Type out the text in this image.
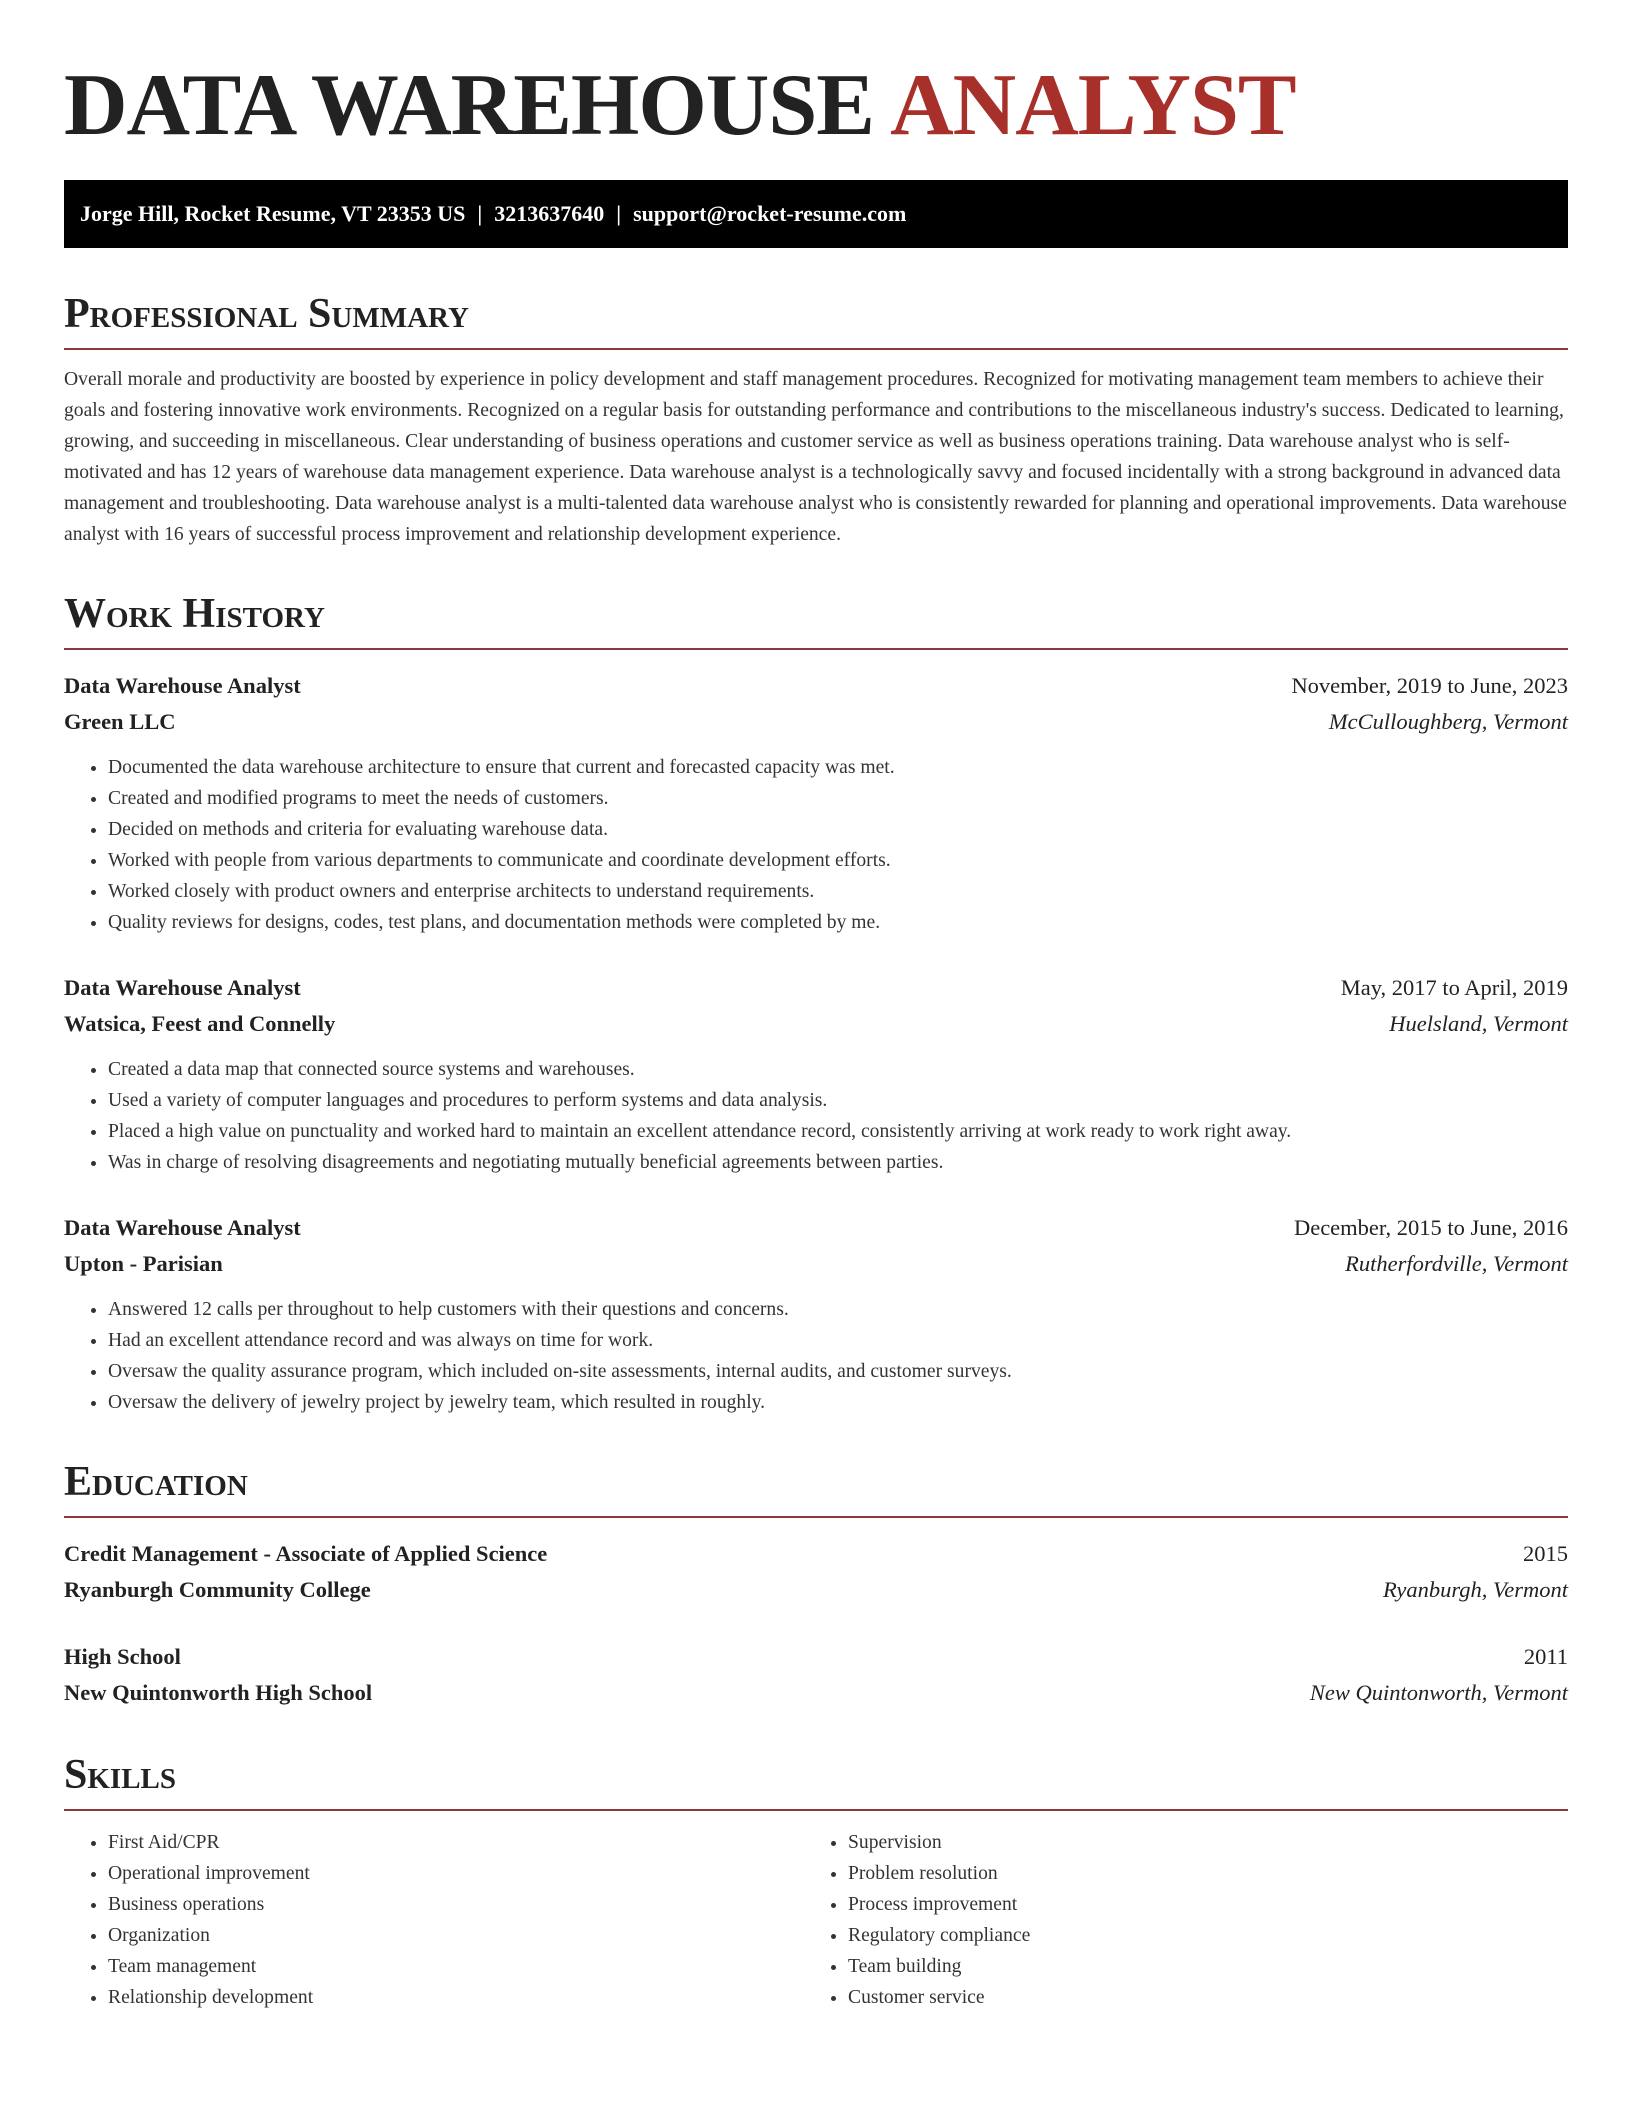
DATA WAREHOUSE ANALYST
Jorge Hill, Rocket Resume, VT 23353 US | 3213637640 | support@rocket-resume.com
Professional Summary
Overall morale and productivity are boosted by experience in policy development and staff management procedures. Recognized for motivating management team members to achieve their goals and fostering innovative work environments. Recognized on a regular basis for outstanding performance and contributions to the miscellaneous industry's success. Dedicated to learning, growing, and succeeding in miscellaneous. Clear understanding of business operations and customer service as well as business operations training. Data warehouse analyst who is self-motivated and has 12 years of warehouse data management experience. Data warehouse analyst is a technologically savvy and focused incidentally with a strong background in advanced data management and troubleshooting. Data warehouse analyst is a multi-talented data warehouse analyst who is consistently rewarded for planning and operational improvements. Data warehouse analyst with 16 years of successful process improvement and relationship development experience.
Work History
Data Warehouse Analyst	November, 2019 to June, 2023
Green LLC	McCulloughberg, Vermont
• Documented the data warehouse architecture to ensure that current and forecasted capacity was met.
• Created and modified programs to meet the needs of customers.
• Decided on methods and criteria for evaluating warehouse data.
• Worked with people from various departments to communicate and coordinate development efforts.
• Worked closely with product owners and enterprise architects to understand requirements.
• Quality reviews for designs, codes, test plans, and documentation methods were completed by me.
Data Warehouse Analyst	May, 2017 to April, 2019
Watsica, Feest and Connelly	Huelsland, Vermont
• Created a data map that connected source systems and warehouses.
• Used a variety of computer languages and procedures to perform systems and data analysis.
• Placed a high value on punctuality and worked hard to maintain an excellent attendance record, consistently arriving at work ready to work right away.
• Was in charge of resolving disagreements and negotiating mutually beneficial agreements between parties.
Data Warehouse Analyst	December, 2015 to June, 2016
Upton - Parisian	Rutherfordville, Vermont
• Answered 12 calls per throughout to help customers with their questions and concerns.
• Had an excellent attendance record and was always on time for work.
• Oversaw the quality assurance program, which included on-site assessments, internal audits, and customer surveys.
• Oversaw the delivery of jewelry project by jewelry team, which resulted in roughly.
Education
Credit Management - Associate of Applied Science	2015
Ryanburgh Community College	Ryanburgh, Vermont
High School	2011
New Quintonworth High School	New Quintonworth, Vermont
Skills
• First Aid/CPR
• Operational improvement
• Business operations
• Organization
• Team management
• Relationship development
• Supervision
• Problem resolution
• Process improvement
• Regulatory compliance
• Team building
• Customer service
